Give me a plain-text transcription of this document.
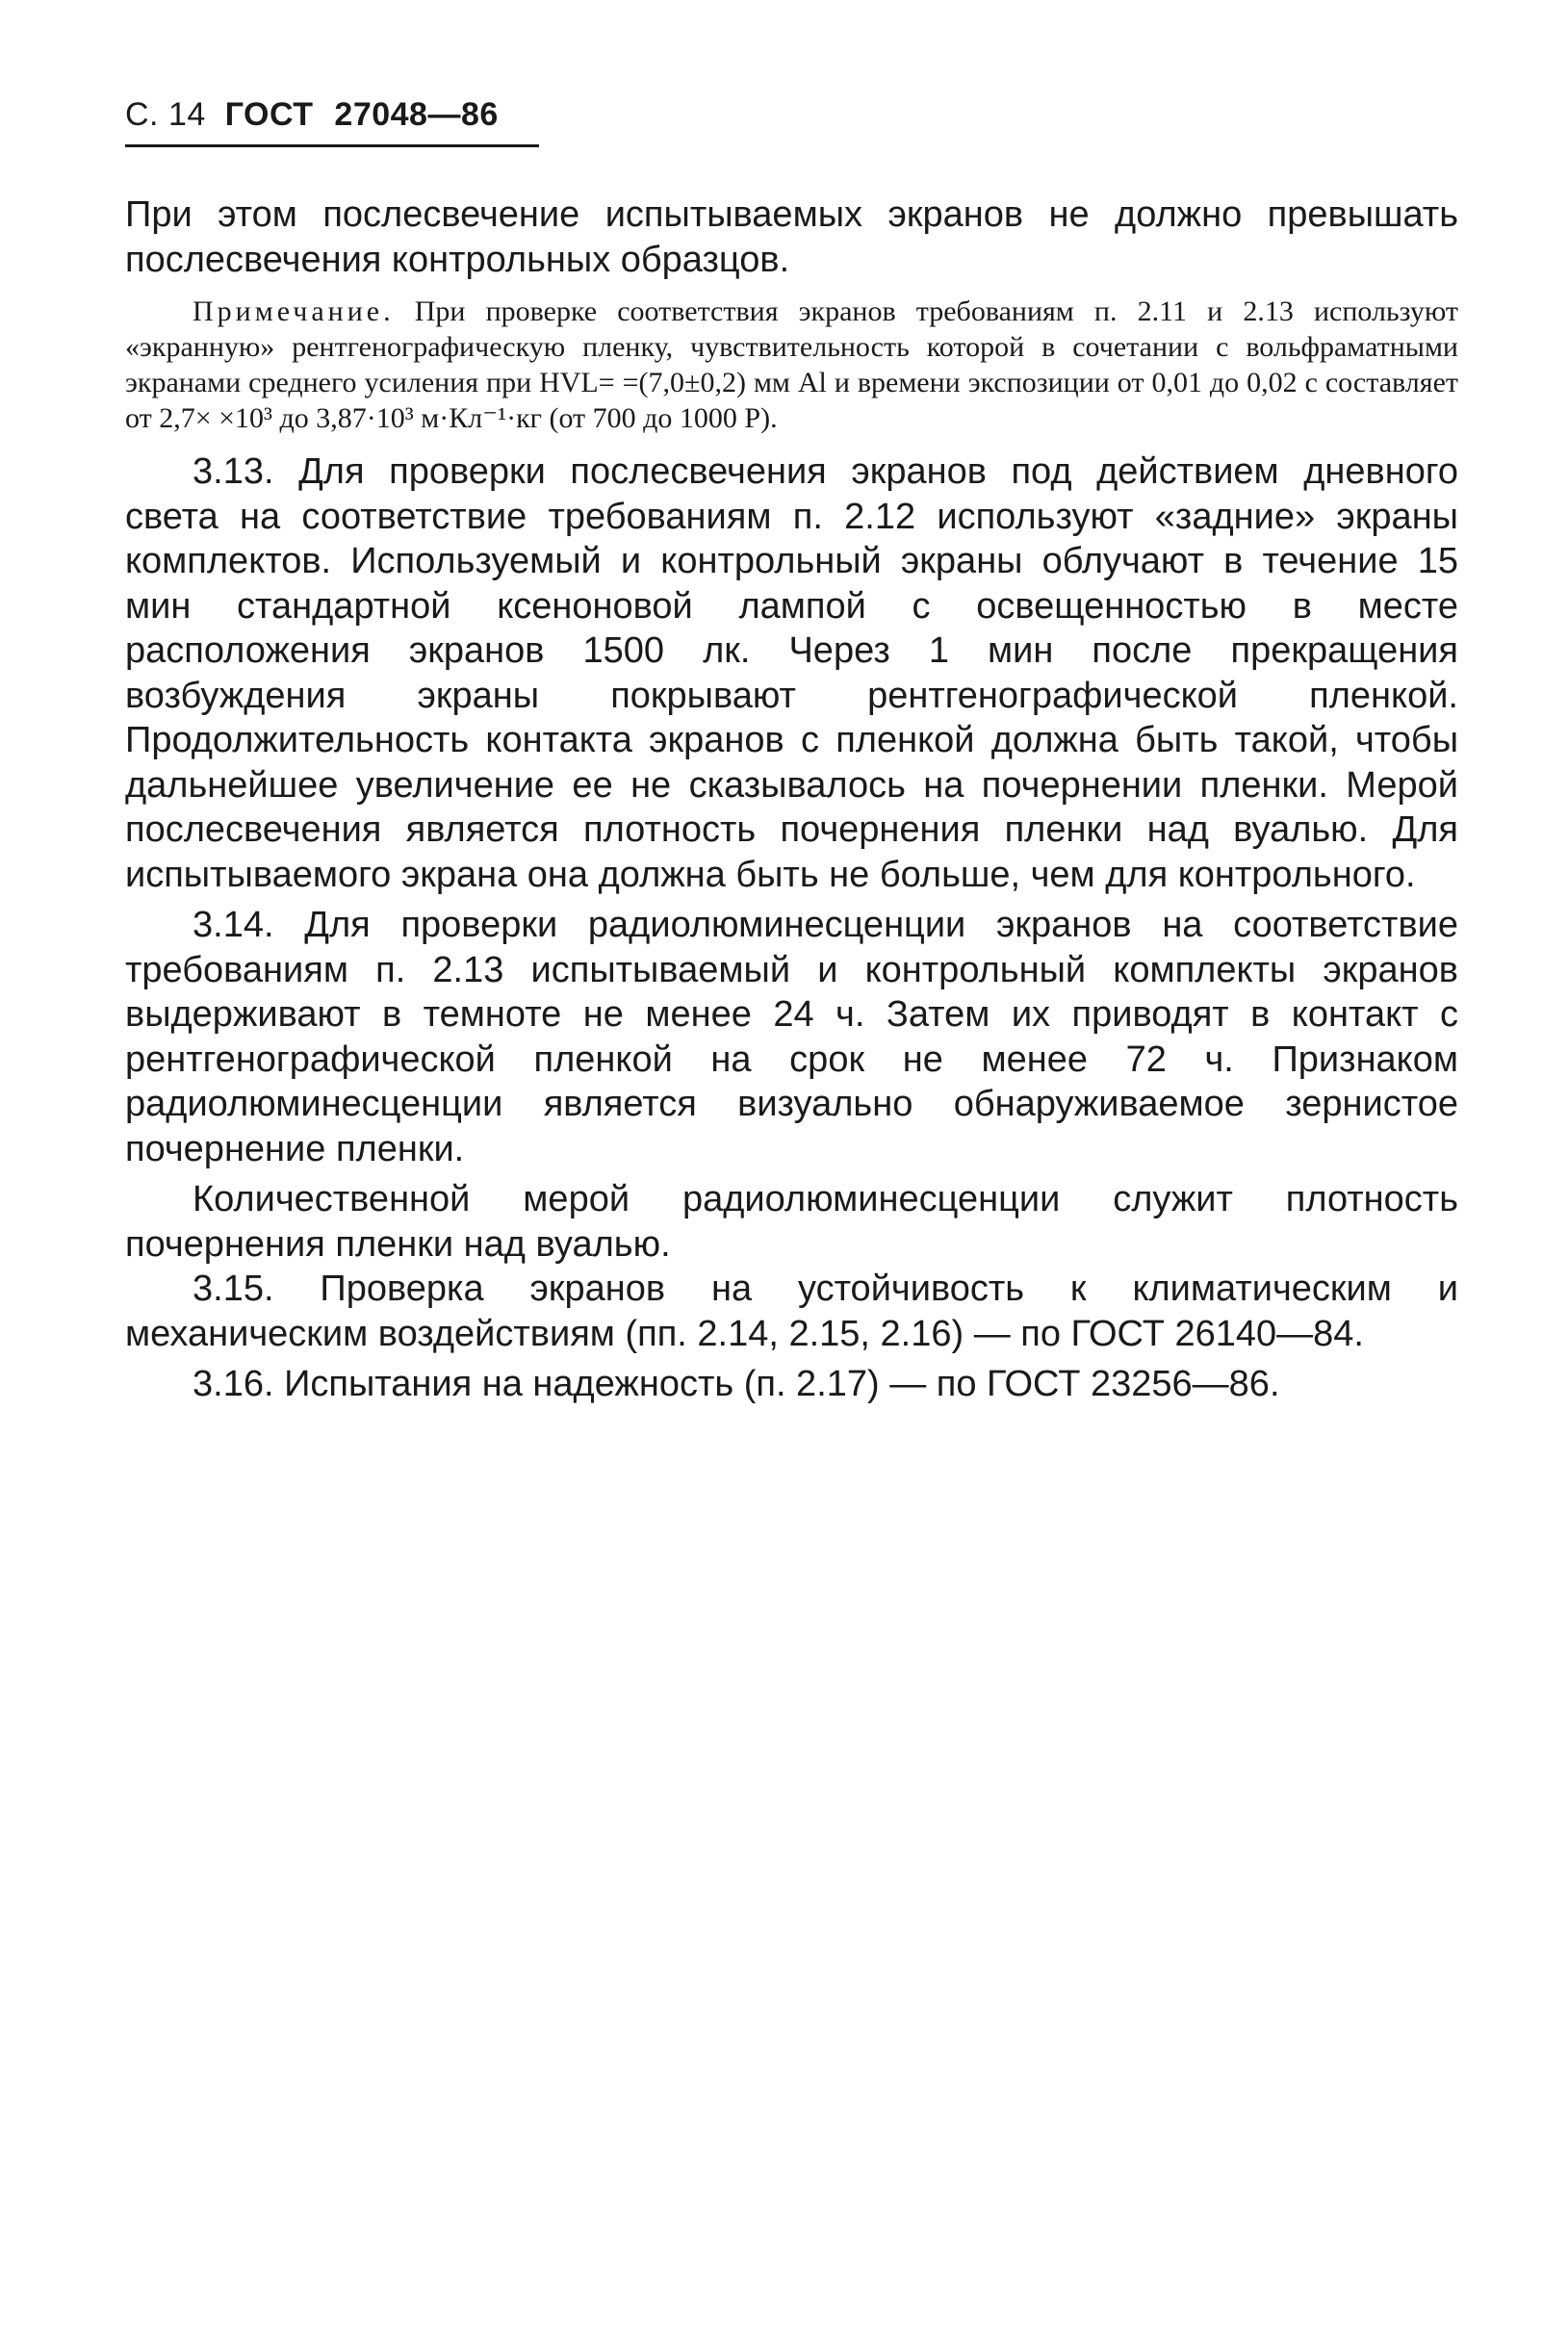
С. 14 ГОСТ 27048—86

При этом послесвечение испытываемых экранов не должно превышать послесвечения контрольных образцов.

Примечание. При проверке соответствия экранов требованиям п. 2.11 и 2.13 используют «экранную» рентгенографическую пленку, чувствительность которой в сочетании с вольфраматными экранами среднего усиления при HVL= =(7,0±0,2) мм Al и времени экспозиции от 0,01 до 0,02 с составляет от 2,7× ×10³ до 3,87·10³ м·Кл⁻¹·кг (от 700 до 1000 Р).

3.13. Для проверки послесвечения экранов под действием дневного света на соответствие требованиям п. 2.12 используют «задние» экраны комплектов. Используемый и контрольный экраны облучают в течение 15 мин стандартной ксеноновой лампой с освещенностью в месте расположения экранов 1500 лк. Через 1 мин после прекращения возбуждения экраны покрывают рентгенографической пленкой. Продолжительность контакта экранов с пленкой должна быть такой, чтобы дальнейшее увеличение ее не сказывалось на почернении пленки. Мерой послесвечения является плотность почернения пленки над вуалью. Для испытываемого экрана она должна быть не больше, чем для контрольного.

3.14. Для проверки радиолюминесценции экранов на соответствие требованиям п. 2.13 испытываемый и контрольный комплекты экранов выдерживают в темноте не менее 24 ч. Затем их приводят в контакт с рентгенографической пленкой на срок не менее 72 ч. Признаком радиолюминесценции является визуально обнаруживаемое зернистое почернение пленки.

Количественной мерой радиолюминесценции служит плотность почернения пленки над вуалью.

3.15. Проверка экранов на устойчивость к климатическим и механическим воздействиям (пп. 2.14, 2.15, 2.16) — по ГОСТ 26140—84.

3.16. Испытания на надежность (п. 2.17) — по ГОСТ 23256—86.
